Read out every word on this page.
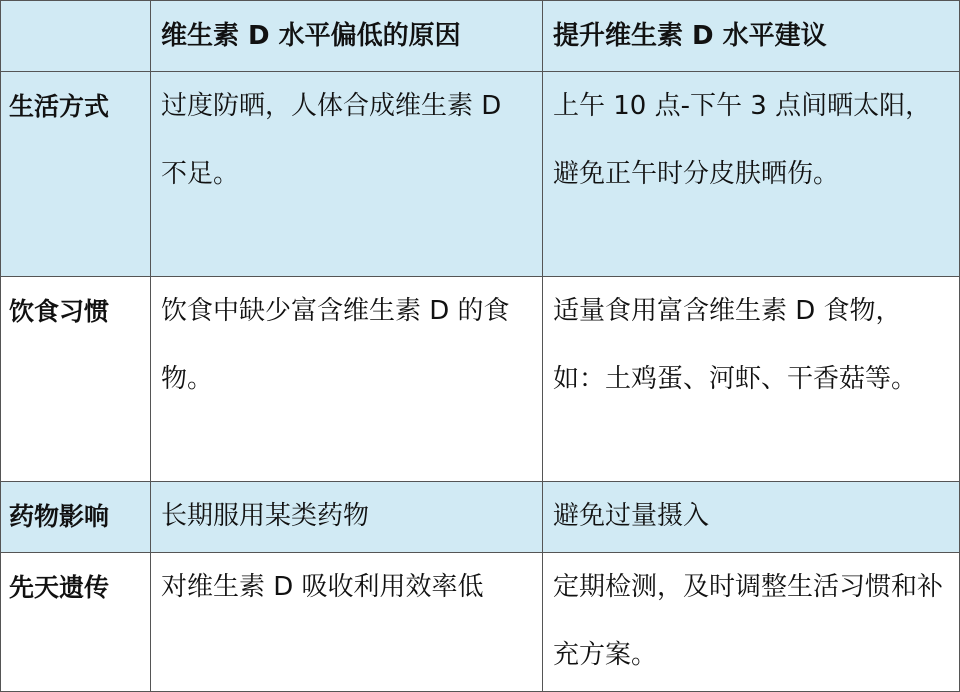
	维生素 D 水平偏低的原因	提升维生素 D 水平建议
生活方式	过度防晒，人体合成维生素 D 不足。	上午 10 点-下午 3 点间晒太阳，避免正午时分皮肤晒伤。
饮食习惯	饮食中缺少富含维生素 D 的食物。	适量食用富含维生素 D 食物，如：土鸡蛋、河虾、干香菇等。
药物影响	长期服用某类药物	避免过量摄入
先天遗传	对维生素 D 吸收利用效率低	定期检测，及时调整生活习惯和补充方案。
